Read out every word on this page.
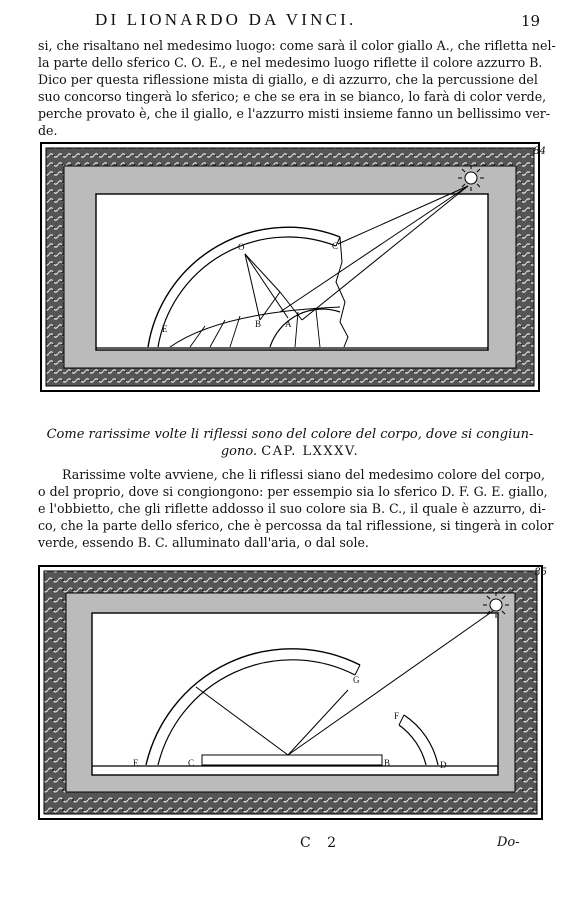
DI LIONARDO DA VINCI.	19
si, che risaltano nel medesimo luogo: come sarà il color giallo A., che riflettа nel-
la parte dello sferico C. O. E., e nel medesimo luogo riflette il colore azzurro B.
Dico per questa riflessione mista di giallo, e di azzurro, che la percussione del
suo concorso tingerà lo sferico; e che se era in se bianco, lo farà di color verde,
perche provato è, che il giallo, e l'azzurro misti insieme fanno un bellissimo ver-
de.
84
O	C
E	B	A
Come rarissime volte li riflessi sono del colore del corpo, dove si congiun-
gono. CAP. LXXXV.
Rarissime volte avviene, che li riflessi siano del medesimo colore del corpo,
o del proprio, dove si congiongono: per essempio sia lo sferico D. F. G. E. giallo,
e l'obbietto, che gli riflette addosso il suo colore sia B. C., il quale è azzurro, di-
co, che la parte dello sferico, che è percossa da tal riflessione, si tingerà in color
verde, essendo B. C. alluminato dall'aria, o dal sole.
85
G
F
E	C	B	D
C 2	Do-
